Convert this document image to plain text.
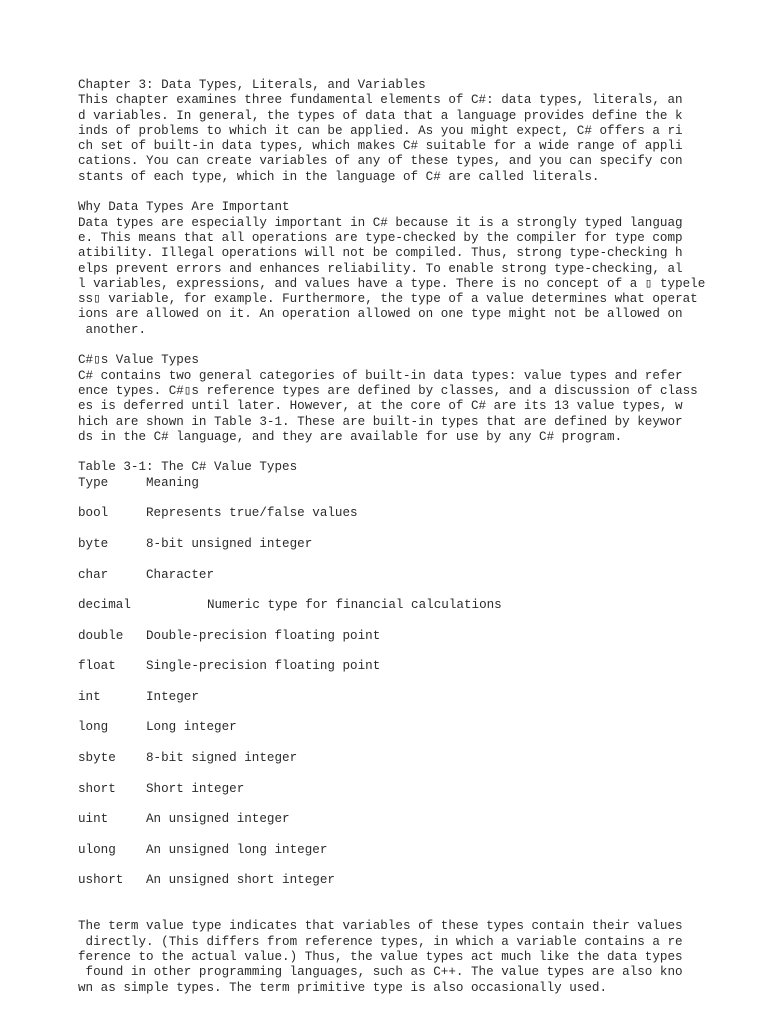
Chapter 3: Data Types, Literals, and Variables
This chapter examines three fundamental elements of C#: data types, literals, an
d variables. In general, the types of data that a language provides define the k
inds of problems to which it can be applied. As you might expect, C# offers a ri
ch set of built-in data types, which makes C# suitable for a wide range of appli
cations. You can create variables of any of these types, and you can specify con
stants of each type, which in the language of C# are called literals.
Why Data Types Are Important
Data types are especially important in C# because it is a strongly typed languag
e. This means that all operations are type-checked by the compiler for type comp
atibility. Illegal operations will not be compiled. Thus, strong type-checking h
elps prevent errors and enhances reliability. To enable strong type-checking, al
l variables, expressions, and values have a type. There is no concept of a ▯ typele
ss▯ variable, for example. Furthermore, the type of a value determines what operat
ions are allowed on it. An operation allowed on one type might not be allowed on
another.
C#▯s Value Types
C# contains two general categories of built-in data types: value types and refer
ence types. C#▯s reference types are defined by classes, and a discussion of class
es is deferred until later. However, at the core of C# are its 13 value types, w
hich are shown in Table 3-1. These are built-in types that are defined by keywor
ds in the C# language, and they are available for use by any C# program.
Table 3-1: The C# Value Types
Type	Meaning
bool	Represents true/false values
byte	8-bit unsigned integer
char	Character
decimal	Numeric type for financial calculations
double	Double-precision floating point
float	Single-precision floating point
int	Integer
long	Long integer
sbyte	8-bit signed integer
short	Short integer
uint	An unsigned integer
ulong	An unsigned long integer
ushort	An unsigned short integer
The term value type indicates that variables of these types contain their values
directly. (This differs from reference types, in which a variable contains a re
ference to the actual value.) Thus, the value types act much like the data types
found in other programming languages, such as C++. The value types are also kno
wn as simple types. The term primitive type is also occasionally used.
